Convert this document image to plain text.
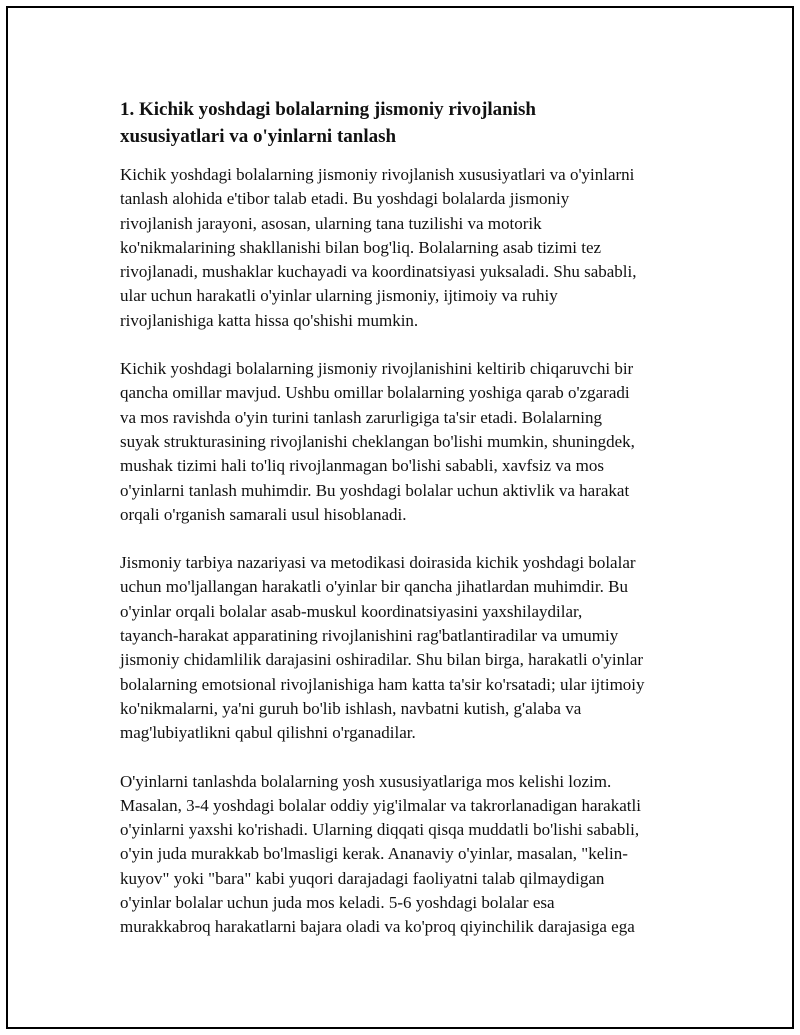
1. Kichik yoshdagi bolalarning jismoniy rivojlanish
xususiyatlari va o'yinlarni tanlash

Kichik yoshdagi bolalarning jismoniy rivojlanish xususiyatlari va o'yinlarni
tanlash alohida e'tibor talab etadi. Bu yoshdagi bolalarda jismoniy
rivojlanish jarayoni, asosan, ularning tana tuzilishi va motorik
ko'nikmalarining shakllanishi bilan bog'liq. Bolalarning asab tizimi tez
rivojlanadi, mushaklar kuchayadi va koordinatsiyasi yuksaladi. Shu sababli,
ular uchun harakatli o'yinlar ularning jismoniy, ijtimoiy va ruhiy
rivojlanishiga katta hissa qo'shishi mumkin.

Kichik yoshdagi bolalarning jismoniy rivojlanishini keltirib chiqaruvchi bir
qancha omillar mavjud. Ushbu omillar bolalarning yoshiga qarab o'zgaradi
va mos ravishda o'yin turini tanlash zarurligiga ta'sir etadi. Bolalarning
suyak strukturasining rivojlanishi cheklangan bo'lishi mumkin, shuningdek,
mushak tizimi hali to'liq rivojlanmagan bo'lishi sababli, xavfsiz va mos
o'yinlarni tanlash muhimdir. Bu yoshdagi bolalar uchun aktivlik va harakat
orqali o'rganish samarali usul hisoblanadi.

Jismoniy tarbiya nazariyasi va metodikasi doirasida kichik yoshdagi bolalar
uchun mo'ljallangan harakatli o'yinlar bir qancha jihatlardan muhimdir. Bu
o'yinlar orqali bolalar asab-muskul koordinatsiyasini yaxshilaydilar,
tayanch-harakat apparatining rivojlanishini rag'batlantiradilar va umumiy
jismoniy chidamlilik darajasini oshiradilar. Shu bilan birga, harakatli o'yinlar
bolalarning emotsional rivojlanishiga ham katta ta'sir ko'rsatadi; ular ijtimoiy
ko'nikmalarni, ya'ni guruh bo'lib ishlash, navbatni kutish, g'alaba va
mag'lubiyatlikni qabul qilishni o'rganadilar.

O'yinlarni tanlashda bolalarning yosh xususiyatlariga mos kelishi lozim.
Masalan, 3-4 yoshdagi bolalar oddiy yig'ilmalar va takrorlanadigan harakatli
o'yinlarni yaxshi ko'rishadi. Ularning diqqati qisqa muddatli bo'lishi sababli,
o'yin juda murakkab bo'lmasligi kerak. Ananaviy o'yinlar, masalan, "kelin-
kuyov" yoki "bara" kabi yuqori darajadagi faoliyatni talab qilmaydigan
o'yinlar bolalar uchun juda mos keladi. 5-6 yoshdagi bolalar esa
murakkabroq harakatlarni bajara oladi va ko'proq qiyinchilik darajasiga ega
